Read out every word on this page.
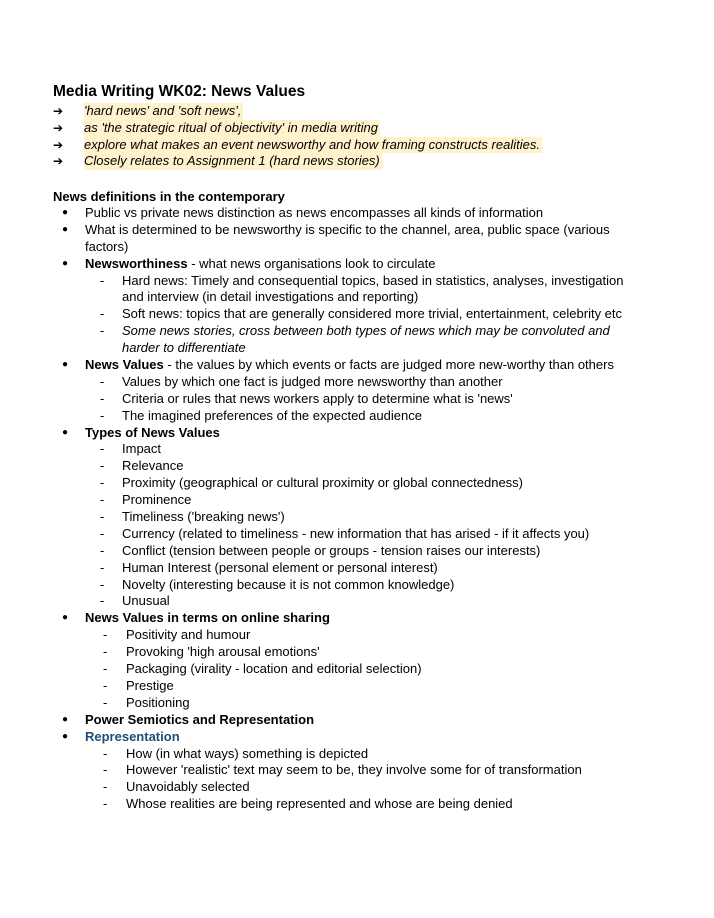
Media Writing WK02: News Values
➔ 'hard news' and 'soft news',
➔ as 'the strategic ritual of objectivity' in media writing
➔ explore what makes an event newsworthy and how framing constructs realities.
➔ Closely relates to Assignment 1 (hard news stories)
News definitions in the contemporary
● Public vs private news distinction as news encompasses all kinds of information
● What is determined to be newsworthy is specific to the channel, area, public space (various
factors)
● Newsworthiness - what news organisations look to circulate
- Hard news: Timely and consequential topics, based in statistics, analyses, investigation
and interview (in detail investigations and reporting)
- Soft news: topics that are generally considered more trivial, entertainment, celebrity etc
- Some news stories, cross between both types of news which may be convoluted and
harder to differentiate
● News Values - the values by which events or facts are judged more new-worthy than others
- Values by which one fact is judged more newsworthy than another
- Criteria or rules that news workers apply to determine what is 'news'
- The imagined preferences of the expected audience
● Types of News Values
- Impact
- Relevance
- Proximity (geographical or cultural proximity or global connectedness)
- Prominence
- Timeliness ('breaking news')
- Currency (related to timeliness - new information that has arised - if it affects you)
- Conflict (tension between people or groups - tension raises our interests)
- Human Interest (personal element or personal interest)
- Novelty (interesting because it is not common knowledge)
- Unusual
● News Values in terms on online sharing
- Positivity and humour
- Provoking 'high arousal emotions'
- Packaging (virality - location and editorial selection)
- Prestige
- Positioning
● Power Semiotics and Representation
● Representation
- How (in what ways) something is depicted
- However 'realistic' text may seem to be, they involve some for of transformation
- Unavoidably selected
- Whose realities are being represented and whose are being denied
